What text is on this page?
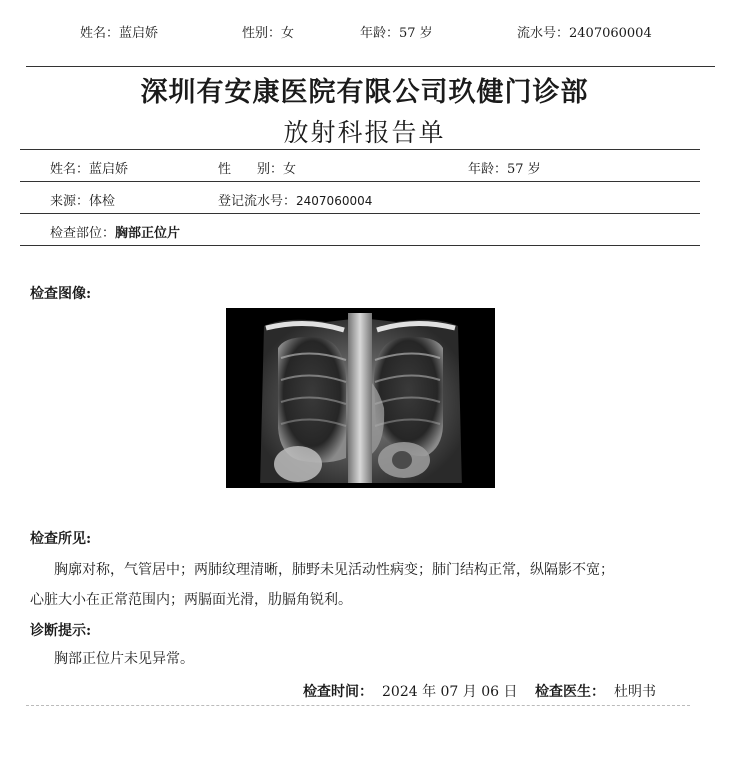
姓名：蓝启娇	性别：女	年龄：57 岁	流水号：2407060004
深圳有安康医院有限公司玖健门诊部
放射科报告单
姓名：蓝启娇	性　　别：女	年龄：57 岁
来源：体检	登记流水号：2407060004
检查部位：胸部正位片
检查图像:
检查所见:
胸廓对称，气管居中；两肺纹理清晰，肺野未见活动性病变；肺门结构正常，纵隔影不宽；
心脏大小在正常范围内；两膈面光滑，肋膈角锐利。
诊断提示:
胸部正位片未见异常。
检查时间： 2024 年 07 月 06 日 检查医生： 杜明书
